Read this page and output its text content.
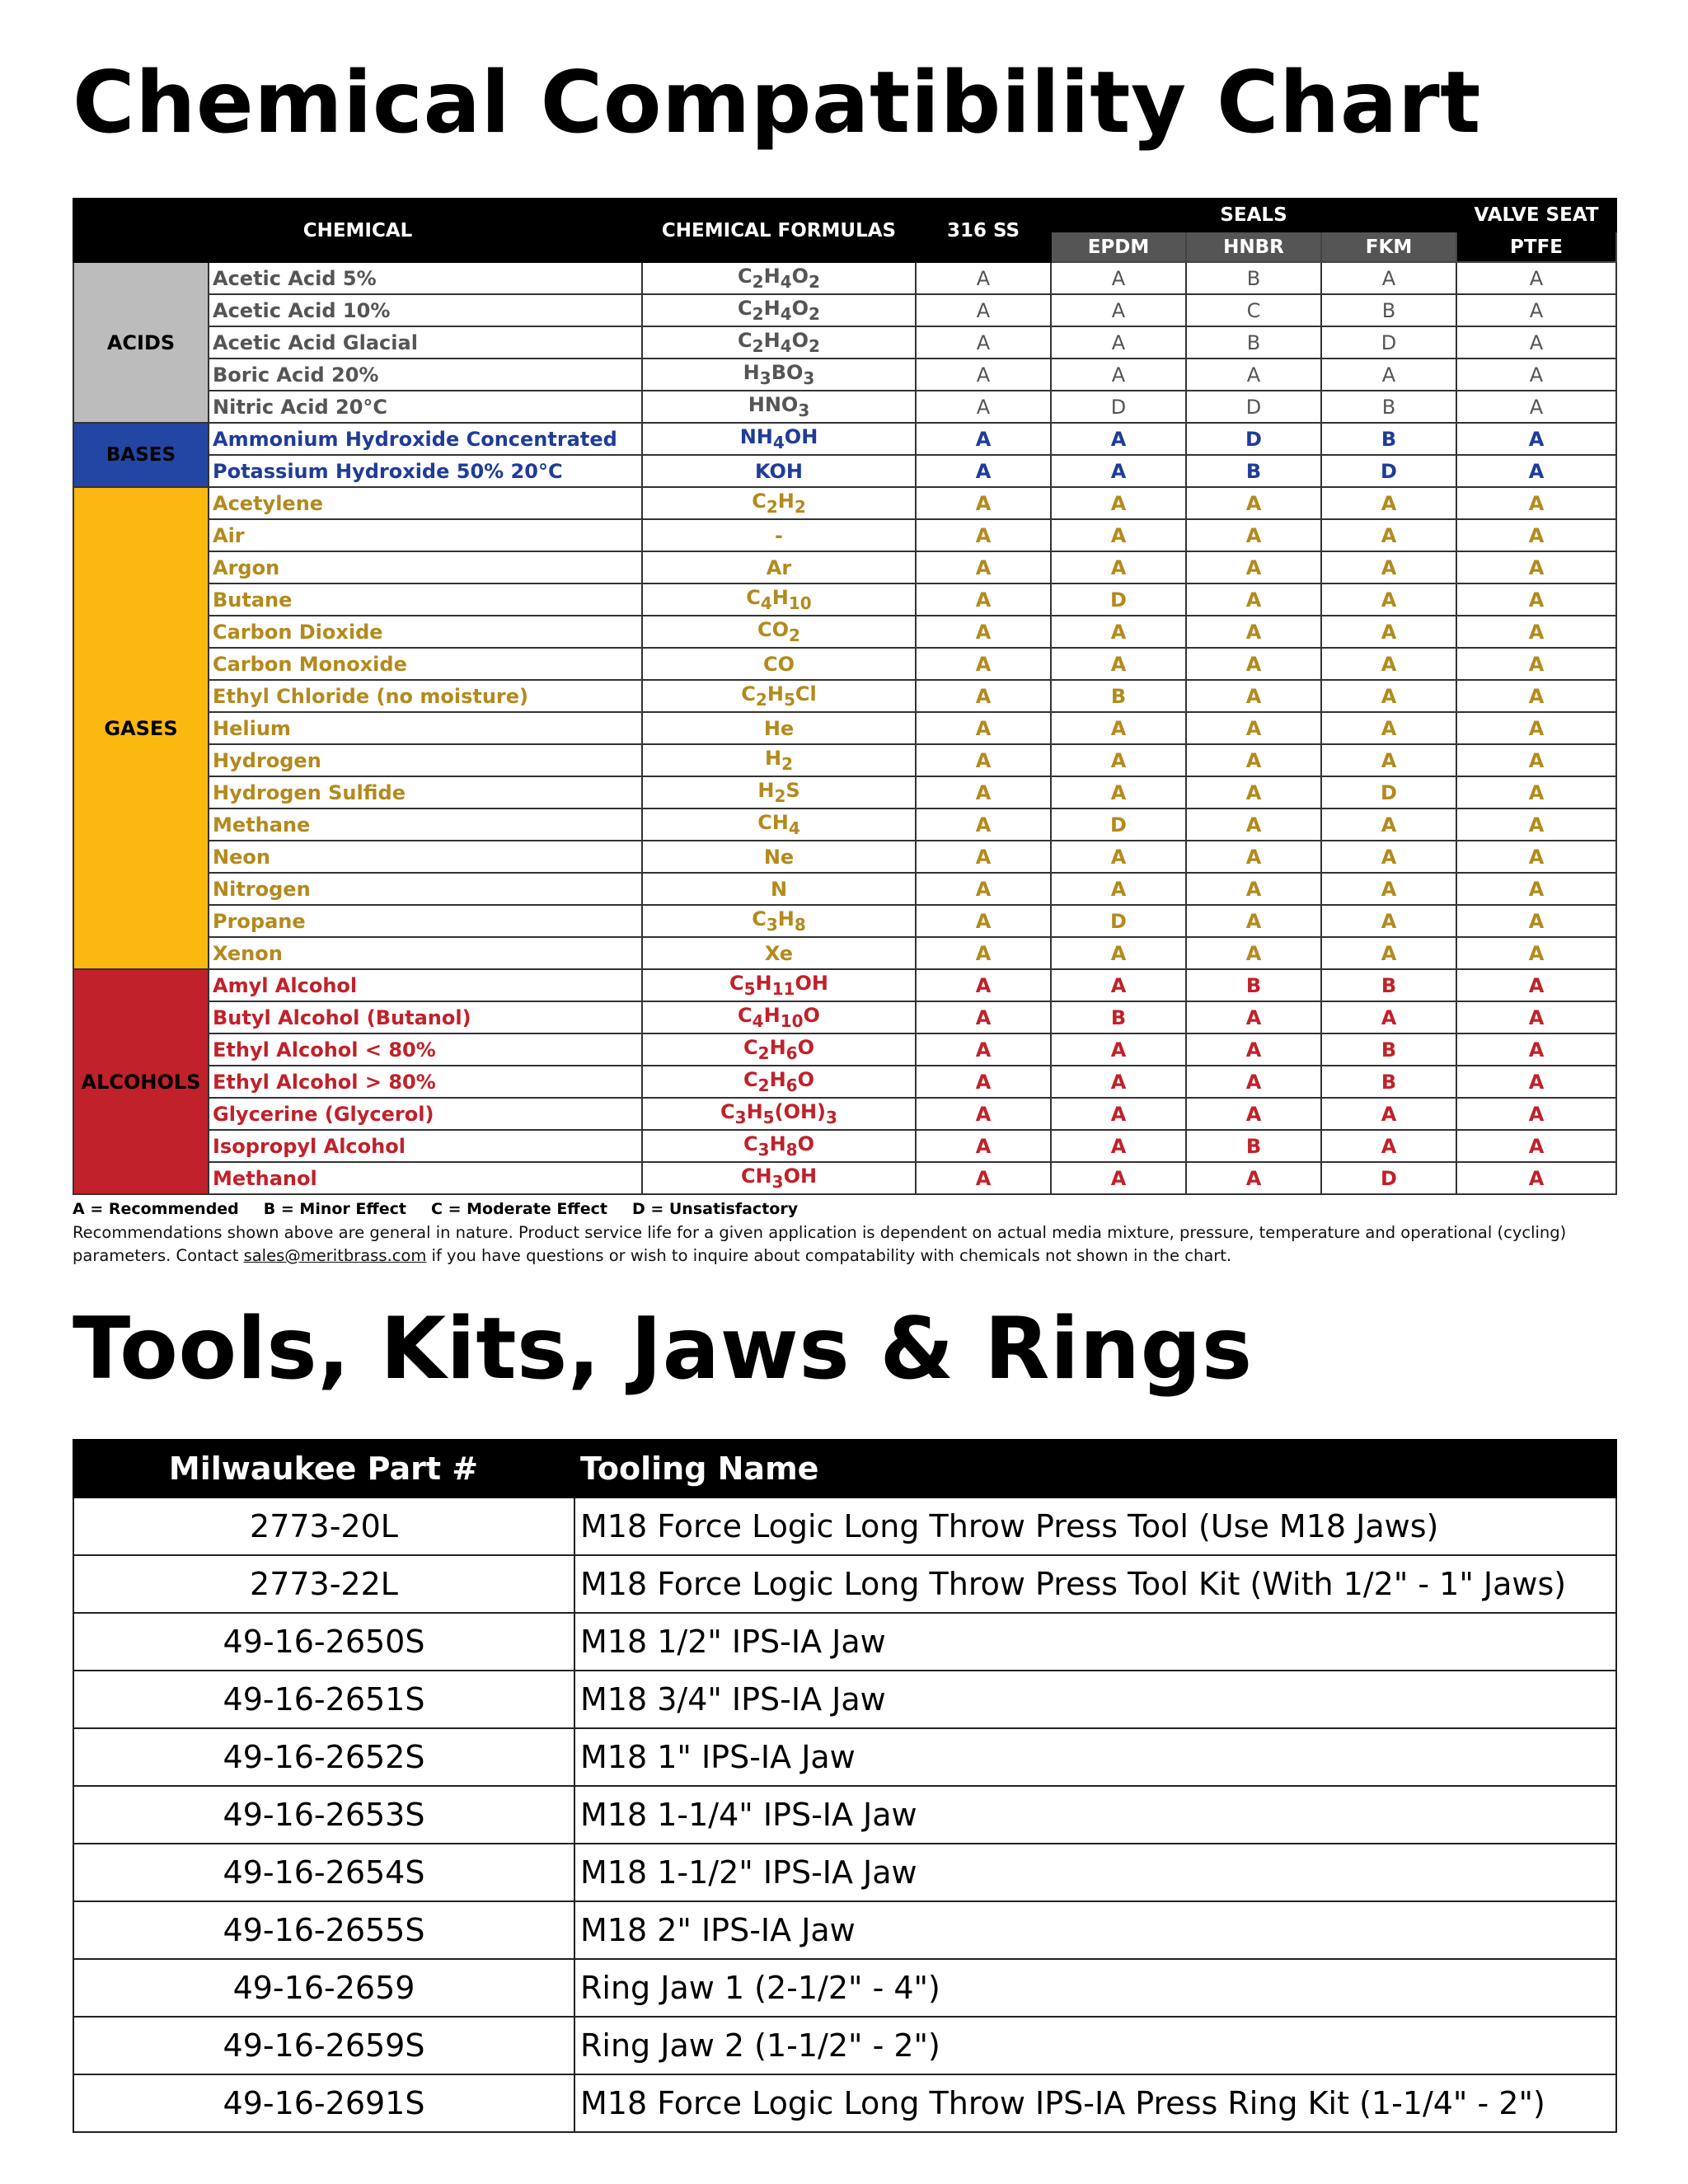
Chemical Compatibility Chart
CHEMICAL		CHEMICAL FORMULAS	316 SS	SEALS			VALVE SEAT
				EPDM	HNBR	FKM	PTFE
ACIDS	Acetic Acid 5%	$C_2H_4O_2$	A	A	B	A	A
	Acetic Acid 10%	$C_2H_4O_2$	A	A	C	B	A
	Acetic Acid Glacial	$C_2H_4O_2$	A	A	B	D	A
	Boric Acid 20%	$H_3BO_3$	A	A	A	A	A
	Nitric Acid 20°C	$HNO_3$	A	D	D	B	A
BASES	Ammonium Hydroxide Concentrated	$NH_4OH$	A	A	D	B	A
	Potassium Hydroxide 50% 20°C	KOH	A	A	B	D	A
GASES	Acetylene	$C_2H_2$	A	A	A	A	A
	Air	-	A	A	A	A	A
	Argon	Ar	A	A	A	A	A
	Butane	$C_4H_{10}$	A	D	A	A	A
	Carbon Dioxide	$CO_2$	A	A	A	A	A
	Carbon Monoxide	CO	A	A	A	A	A
	Ethyl Chloride (no moisture)	$C_2H_5Cl$	A	B	A	A	A
	Helium	He	A	A	A	A	A
	Hydrogen	$H_2$	A	A	A	A	A
	Hydrogen Sulfide	$H_2S$	A	A	A	D	A
	Methane	$CH_4$	A	D	A	A	A
	Neon	Ne	A	A	A	A	A
	Nitrogen	N	A	A	A	A	A
	Propane	$C_3H_8$	A	D	A	A	A
	Xenon	Xe	A	A	A	A	A
ALCOHOLS	Amyl Alcohol	$C_5H_{11}OH$	A	A	B	B	A
	Butyl Alcohol (Butanol)	$C_4H_{10}O$	A	B	A	A	A
	Ethyl Alcohol < 80%	$C_2H_6O$	A	A	A	B	A
	Ethyl Alcohol > 80%	$C_2H_6O$	A	A	A	B	A
	Glycerine (Glycerol)	$C_3H_5(OH)_3$	A	A	A	A	A
	Isopropyl Alcohol	$C_3H_8O$	A	A	B	A	A
	Methanol	$CH_3OH$	A	A	A	D	A
A = Recommended B = Minor Effect C = Moderate Effect D = Unsatisfactory
Recommendations shown above are general in nature. Product service life for a given application is dependent on actual media mixture, pressure, temperature and operational (cycling) parameters. Contact sales@meritbrass.com if you have questions or wish to inquire about compatability with chemicals not shown in the chart.
Tools, Kits, Jaws & Rings
Milwaukee Part #	Tooling Name
2773-20L	M18 Force Logic Long Throw Press Tool (Use M18 Jaws)
2773-22L	M18 Force Logic Long Throw Press Tool Kit (With 1/2" - 1" Jaws)
49-16-2650S	M18 1/2" IPS-IA Jaw
49-16-2651S	M18 3/4" IPS-IA Jaw
49-16-2652S	M18 1" IPS-IA Jaw
49-16-2653S	M18 1-1/4" IPS-IA Jaw
49-16-2654S	M18 1-1/2" IPS-IA Jaw
49-16-2655S	M18 2" IPS-IA Jaw
49-16-2659	Ring Jaw 1 (2-1/2" - 4")
49-16-2659S	Ring Jaw 2 (1-1/2" - 2")
49-16-2691S	M18 Force Logic Long Throw IPS-IA Press Ring Kit (1-1/4" - 2")
